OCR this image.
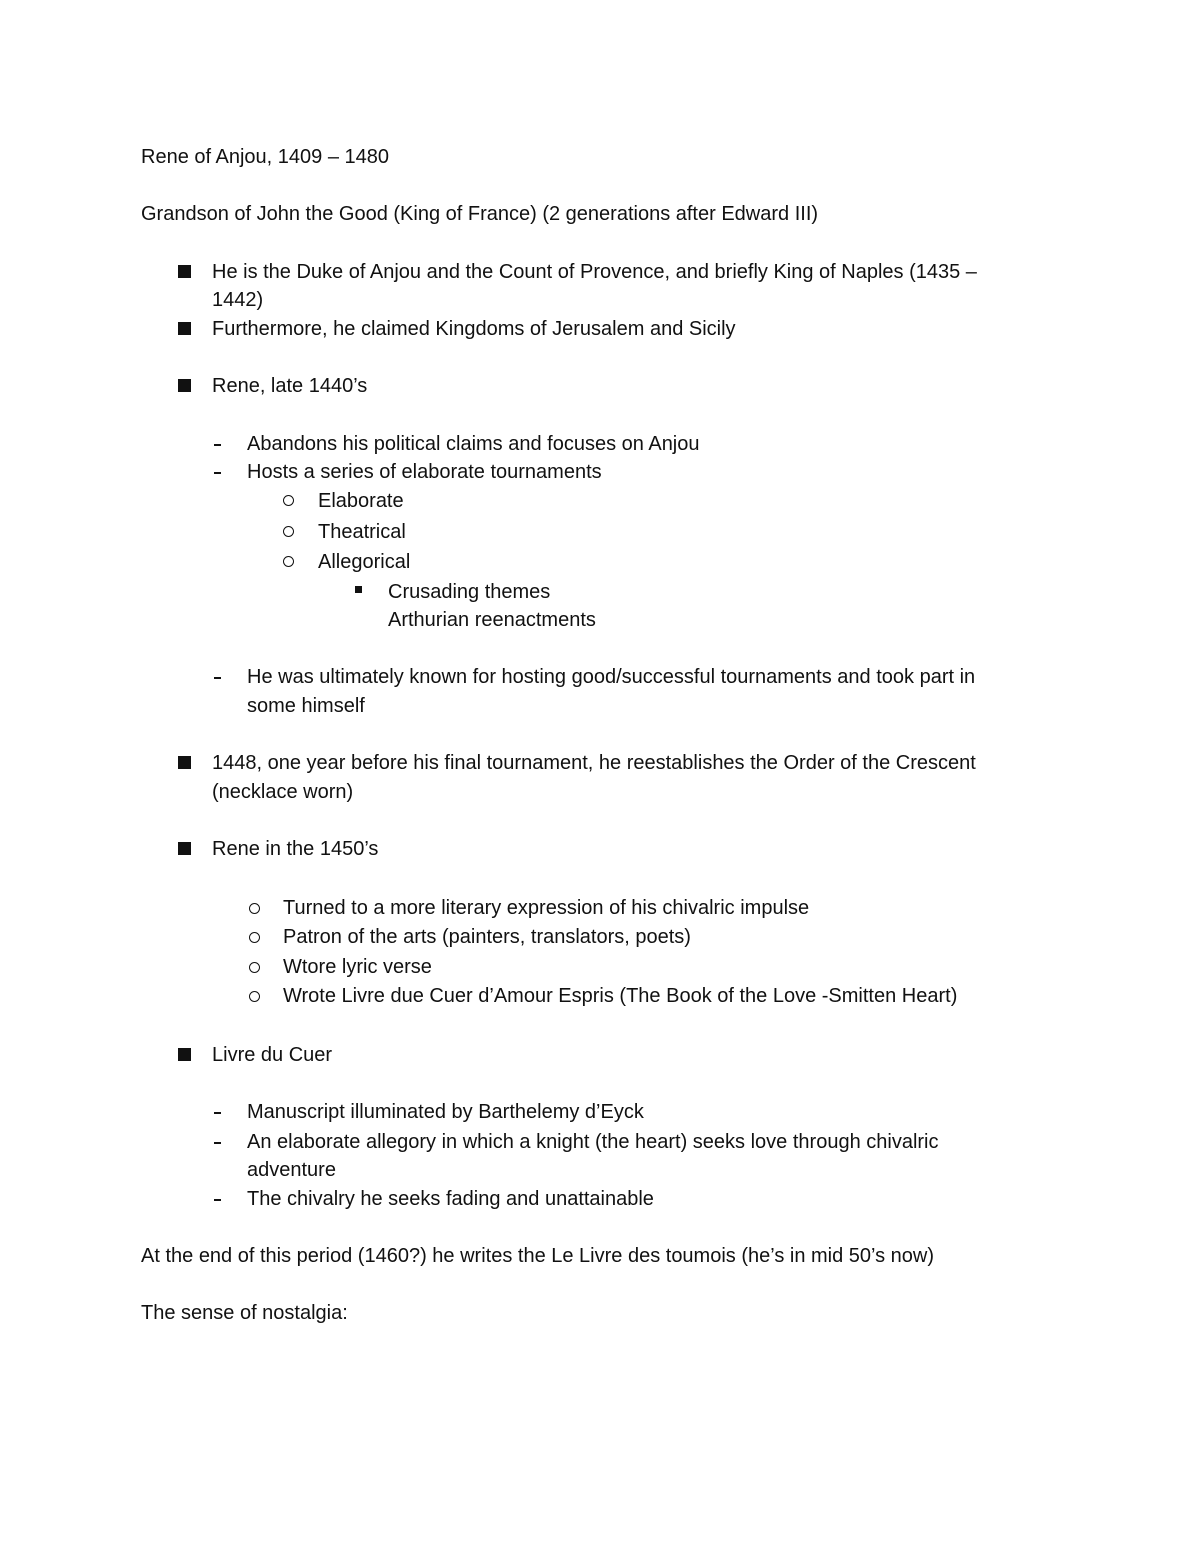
Rene of Anjou, 1409 – 1480
Grandson of John the Good (King of France) (2 generations after Edward III)
He is the Duke of Anjou and the Count of Provence, and briefly King of Naples (1435 –
1442)
Furthermore, he claimed Kingdoms of Jerusalem and Sicily
Rene, late 1440’s
Abandons his political claims and focuses on Anjou
Hosts a series of elaborate tournaments
Elaborate
Theatrical
Allegorical
Crusading themes
Arthurian reenactments
He was ultimately known for hosting good/successful tournaments and took part in
some himself
1448, one year before his final tournament, he reestablishes the Order of the Crescent
(necklace worn)
Rene in the 1450’s
Turned to a more literary expression of his chivalric impulse
Patron of the arts (painters, translators, poets)
Wtore lyric verse
Wrote Livre due Cuer d’Amour Espris (The Book of the Love -Smitten Heart)
Livre du Cuer
Manuscript illuminated by Barthelemy d’Eyck
An elaborate allegory in which a knight (the heart) seeks love through chivalric
adventure
The chivalry he seeks fading and unattainable
At the end of this period (1460?) he writes the Le Livre des toumois (he’s in mid 50’s now)
The sense of nostalgia:
